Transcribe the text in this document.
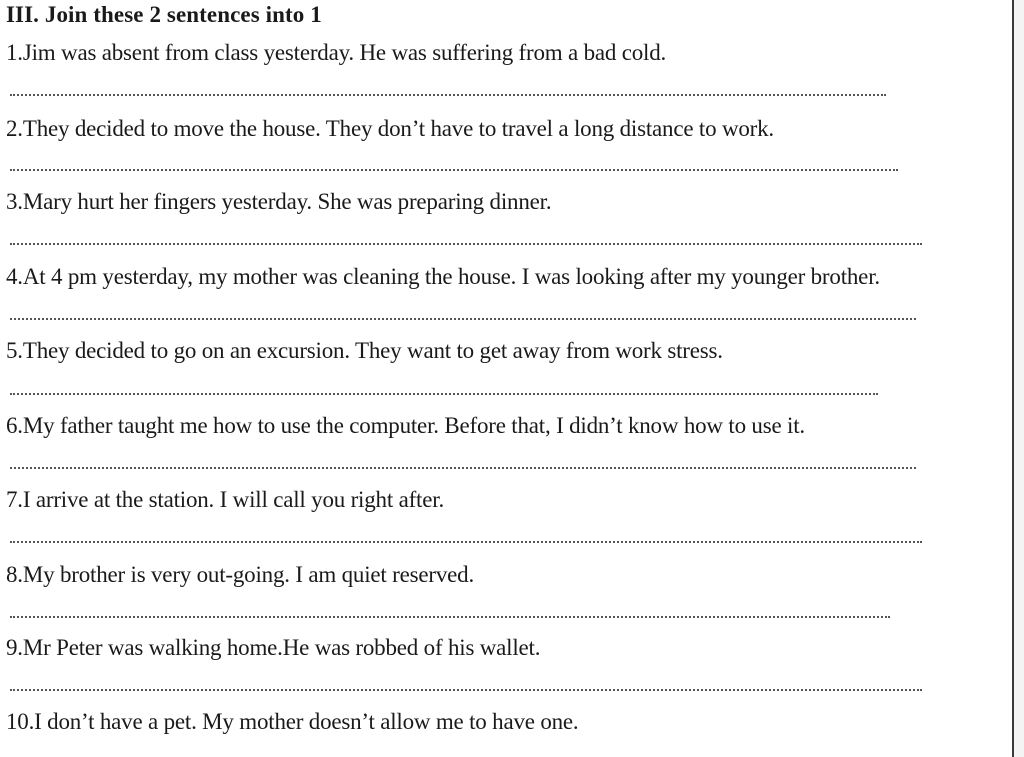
III. Join these 2 sentences into 1
1.Jim was absent from class yesterday. He was suffering from a bad cold.
2.They decided to move the house. They don’t have to travel a long distance to work.
3.Mary hurt her fingers yesterday. She was preparing dinner.
4.At 4 pm yesterday, my mother was cleaning the house. I was looking after my younger brother.
5.They decided to go on an excursion. They want to get away from work stress.
6.My father taught me how to use the computer. Before that, I didn’t know how to use it.
7.I arrive at the station. I will call you right after.
8.My brother is very out-going. I am quiet reserved.
9.Mr Peter was walking home.He was robbed of his wallet.
10.I don’t have a pet. My mother doesn’t allow me to have one.
